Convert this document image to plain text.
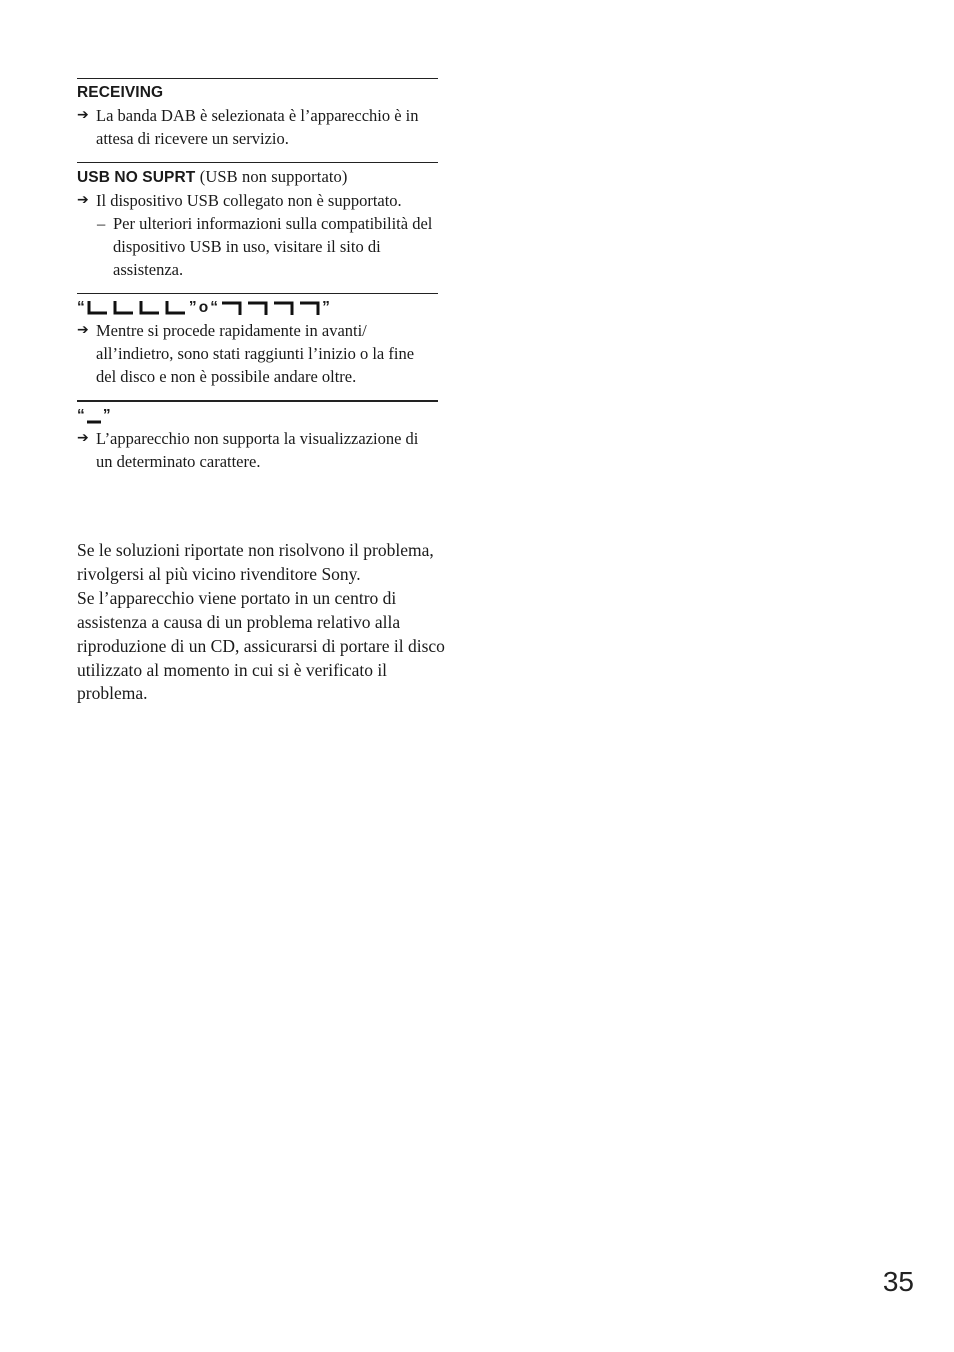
RECEIVING
➔ La banda DAB è selezionata è l’apparecchio è in attesa di ricevere un servizio.
USB NO SUPRT (USB non supportato)
➔ Il dispositivo USB collegato non è supportato.
– Per ulteriori informazioni sulla compatibilità del dispositivo USB in uso, visitare il sito di assistenza.
“	” o “	”
➔ Mentre si procede rapidamente in avanti/ all’indietro, sono stati raggiunti l’inizio o la fine del disco e non è possibile andare oltre.
“ ”
➔ L’apparecchio non supporta la visualizzazione di un determinato carattere.

Se le soluzioni riportate non risolvono il problema, rivolgersi al più vicino rivenditore Sony.

Se l’apparecchio viene portato in un centro di assistenza a causa di un problema relativo alla riproduzione di un CD, assicurarsi di portare il disco utilizzato al momento in cui si è verificato il problema.

35
